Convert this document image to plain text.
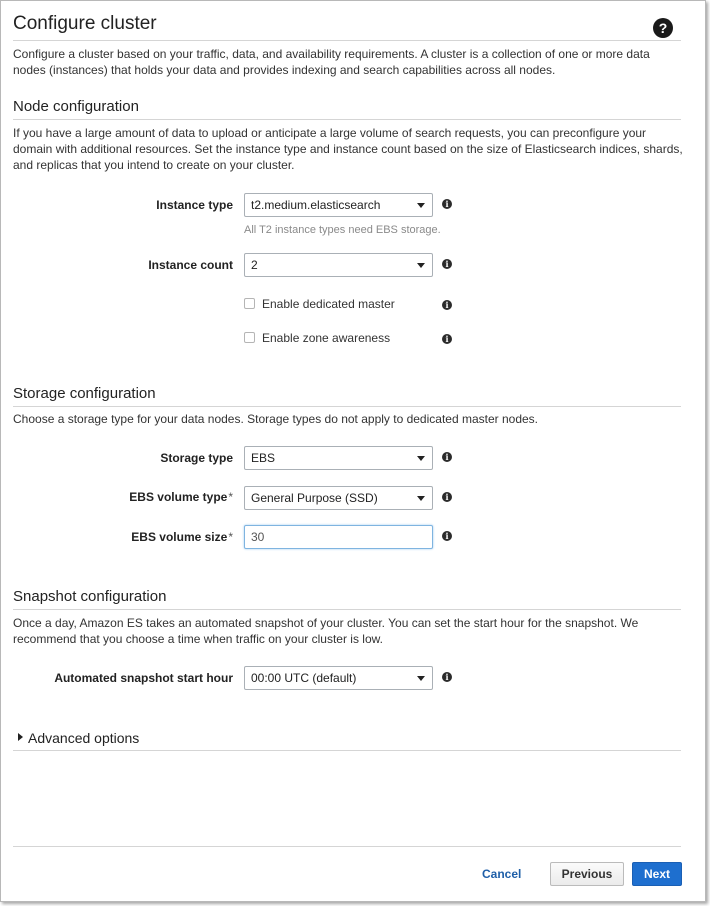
Configure cluster	?
Configure a cluster based on your traffic, data, and availability requirements. A cluster is a collection of one or more data nodes (instances) that holds your data and provides indexing and search capabilities across all nodes.
Node configuration
If you have a large amount of data to upload or anticipate a large volume of search requests, you can preconfigure your domain with additional resources. Set the instance type and instance count based on the size of Elasticsearch indices, shards, and replicas that you intend to create on your cluster.
Instance type	t2.medium.elasticsearch	i
All T2 instance types need EBS storage.
Instance count	2	i
Enable dedicated master	i
Enable zone awareness	i
Storage configuration
Choose a storage type for your data nodes. Storage types do not apply to dedicated master nodes.
Storage type	EBS	i
EBS volume type*	General Purpose (SSD)	i
EBS volume size*	30	i
Snapshot configuration
Once a day, Amazon ES takes an automated snapshot of your cluster. You can set the start hour for the snapshot. We recommend that you choose a time when traffic on your cluster is low.
Automated snapshot start hour	00:00 UTC (default)	i
Advanced options
Cancel	Previous	Next
